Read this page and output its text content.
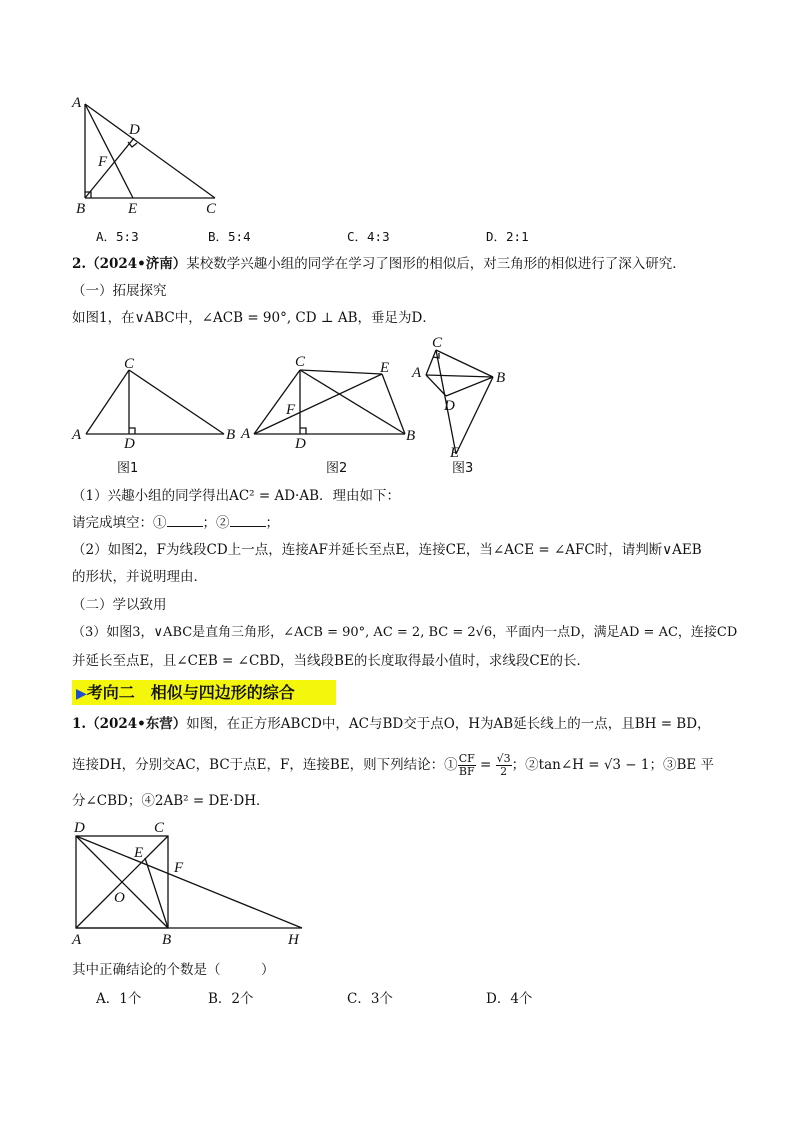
A
D
F
B	E	C
A．5:3	B．5:4	C．4:3	D．2:1
2.（2024•济南）某校数学兴趣小组的同学在学习了图形的相似后，对三角形的相似进行了深入研究．
（一）拓展探究
如图1，在∨ABC中，∠ACB = 90°, CD ⊥ AB，垂足为D．
A
C
D
B A
C
F
D
E
B
C
A	B
D
E
图1	图2	图3
（1）兴趣小组的同学得出AC² = AD·AB．理由如下：
请完成填空：①	；②	；
（2）如图2，F为线段CD上一点，连接AF并延长至点E，连接CE，当∠ACE = ∠AFC时，请判断∨AEB
的形状，并说明理由．
（二）学以致用
（3）如图3，∨ABC是直角三角形，∠ACB = 90°, AC = 2, BC = 2√6，平面内一点D，满足AD = AC，连接CD
并延长至点E，且∠CEB = ∠CBD，当线段BE的长度取得最小值时，求线段CE的长．
▶考向二　相似与四边形的综合
1.（2024•东营）如图，在正方形ABCD中，AC与BD交于点O，H为AB延长线上的一点，且BH = BD，
连接DH，分别交AC，BC于点E，F，连接BE，则下列结论：① $\frac{CF}{BF} = \frac{√3}{2}$ ；②tan∠H = √3 − 1；③BE 平
分∠CBD；④2AB² = DE·DH．
D	C
E
F
O
A	B	H
其中正确结论的个数是（　　　）
A．1个	B．2个	C．3个	D．4个
